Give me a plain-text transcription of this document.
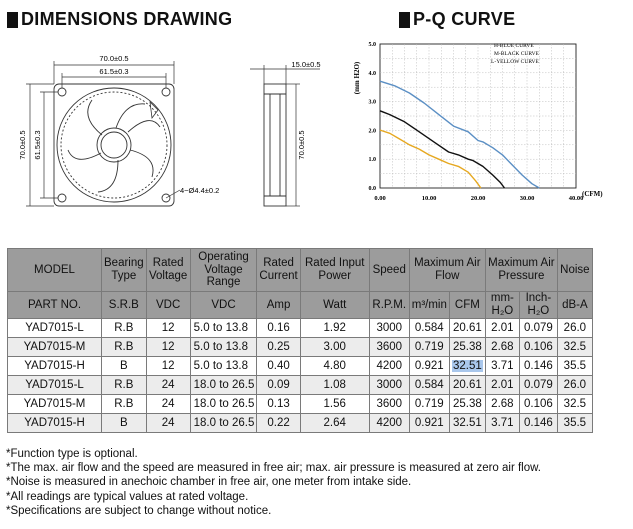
DIMENSIONS DRAWING	P-Q CURVE
70.0±0.5
61.5±0.3
70.0±0.5 61.5±0.3
4−Ø4.4±0.2
15.0±0.5
70.0±0.5
5.0
4.0
3.0
2.0
1.0
0.0
0.00	10.00	20.00	30.00	40.00
(mm H2O)
(CFM)
H-BLUE CURVE
M-BLACK CURVE
L-YELLOW CURVE
MODEL	Bearing Type	Rated Voltage	Operating Voltage Range	Rated Current	Rated Input Power	Speed	Maximum Air Flow		Maximum Air Pressure		Noise
PART NO.	S.R.B	VDC	VDC	Amp	Watt	R.P.M.	m³/min	CFM	mm-H₂O	Inch-H₂O	dB-A
YAD7015-L	R.B	12	5.0 to 13.8	0.16	1.92	3000	0.584	20.61	2.01	0.079	26.0
YAD7015-M	R.B	12	5.0 to 13.8	0.25	3.00	3600	0.719	25.38	2.68	0.106	32.5
YAD7015-H	B	12	5.0 to 13.8	0.40	4.80	4200	0.921	32.51	3.71	0.146	35.5
YAD7015-L	R.B	24	18.0 to 26.5	0.09	1.08	3000	0.584	20.61	2.01	0.079	26.0
YAD7015-M	R.B	24	18.0 to 26.5	0.13	1.56	3600	0.719	25.38	2.68	0.106	32.5
YAD7015-H	B	24	18.0 to 26.5	0.22	2.64	4200	0.921	32.51	3.71	0.146	35.5
*Function type is optional.
*The max. air flow and the speed are measured in free air; max. air pressure is measured at zero air flow.
*Noise is measured in anechoic chamber in free air, one meter from intake side.
*All readings are typical values at rated voltage.
*Specifications are subject to change without notice.
